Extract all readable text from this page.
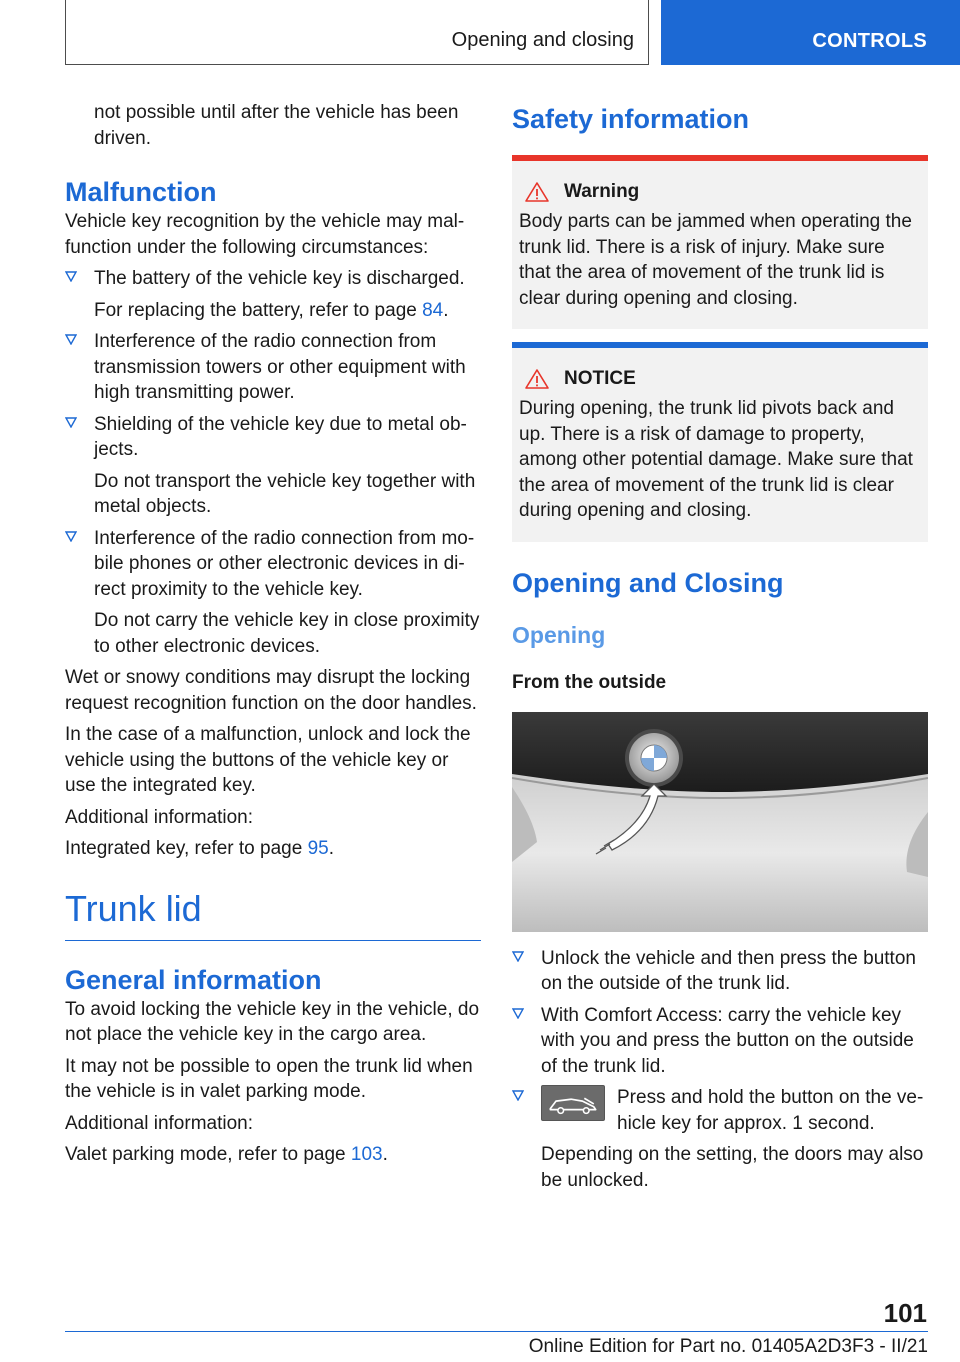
Opening and closing	CONTROLS

not possible until after the vehicle has been driven.

Malfunction

Vehicle key recognition by the vehicle may malfunction under the following circumstances:

The battery of the vehicle key is discharged.

For replacing the battery, refer to page 84.

Interference of the radio connection from transmission towers or other equipment with high transmitting power.

Shielding of the vehicle key due to metal objects.

Do not transport the vehicle key together with metal objects.

Interference of the radio connection from mobile phones or other electronic devices in direct proximity to the vehicle key.

Do not carry the vehicle key in close proximity to other electronic devices.

Wet or snowy conditions may disrupt the locking request recognition function on the door handles.

In the case of a malfunction, unlock and lock the vehicle using the buttons of the vehicle key or use the integrated key.

Additional information:

Integrated key, refer to page 95.

Trunk lid
General information

To avoid locking the vehicle key in the vehicle, do not place the vehicle key in the cargo area.

It may not be possible to open the trunk lid when the vehicle is in valet parking mode.

Additional information:

Valet parking mode, refer to page 103.

Safety information
Warning

Body parts can be jammed when operating the trunk lid. There is a risk of injury. Make sure that the area of movement of the trunk lid is clear during opening and closing.

NOTICE

During opening, the trunk lid pivots back and up. There is a risk of damage to property, among other potential damage. Make sure that the area of movement of the trunk lid is clear during opening and closing.

Opening and Closing
Opening
From the outside

Unlock the vehicle and then press the button on the outside of the trunk lid.

With Comfort Access: carry the vehicle key with you and press the button on the outside of the trunk lid.

Press and hold the button on the vehicle key for approx. 1 second.

Depending on the setting, the doors may also be unlocked.

101
Online Edition for Part no. 01405A2D3F3 - II/21
